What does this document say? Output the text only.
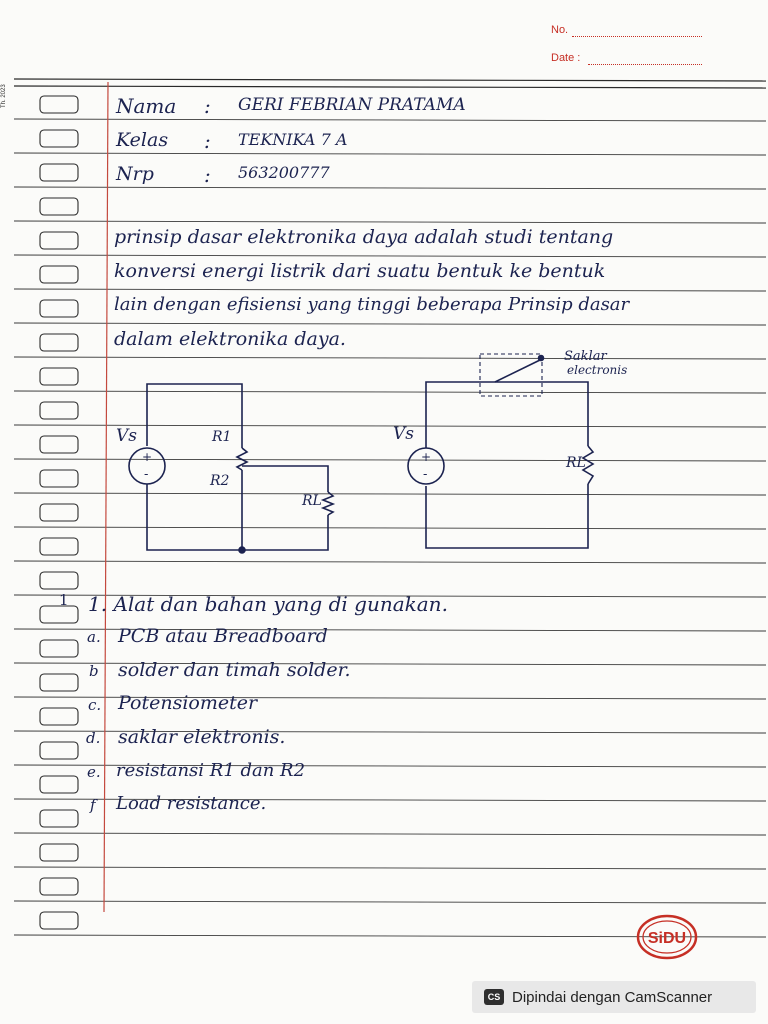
No.
Date :
Th. 2023	Nama : GERI FEBRIAN PRATAMA
Kelas : TEKNIKA 7 A
Nrp	: 563200777
prinsip dasar elektronika daya adalah studi tentang
konversi energi listrik dari suatu bentuk ke bentuk
lain dengan efisiensi yang tinggi beberapa Prinsip dasar
dalam elektronika daya.
Vs
+
-
R1
R2
RL
Vs
+
-
RL
Saklar
electronis
1 1. Alat dan bahan yang di gunakan.
a. PCB atau Breadboard
b solder dan timah solder.
c. Potensiometer
d. saklar elektronis.
e. resistansi R1 dan R2
f Load resistance.
SiDU
CS Dipindai dengan CamScanner
